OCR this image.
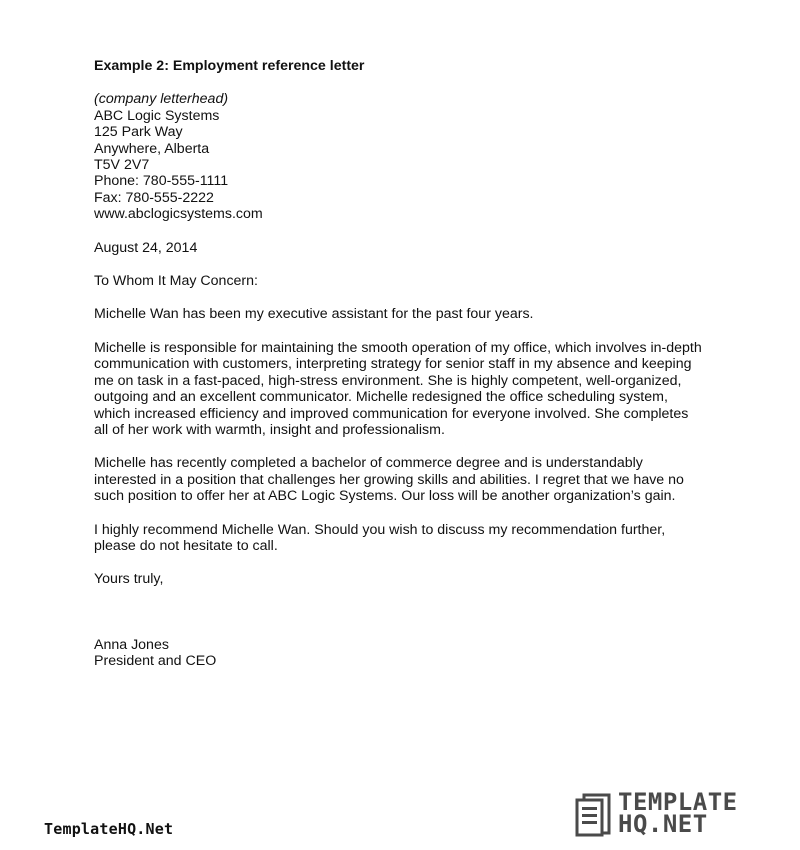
Example 2: Employment reference letter

(company letterhead)
ABC Logic Systems
125 Park Way
Anywhere, Alberta
T5V 2V7
Phone: 780-555-1111
Fax: 780-555-2222
www.abclogicsystems.com

August 24, 2014

To Whom It May Concern:

Michelle Wan has been my executive assistant for the past four years.

Michelle is responsible for maintaining the smooth operation of my office, which involves in-depth communication with customers, interpreting strategy for senior staff in my absence and keeping me on task in a fast-paced, high-stress environment. She is highly competent, well-organized, outgoing and an excellent communicator. Michelle redesigned the office scheduling system, which increased efficiency and improved communication for everyone involved. She completes all of her work with warmth, insight and professionalism.

Michelle has recently completed a bachelor of commerce degree and is understandably interested in a position that challenges her growing skills and abilities. I regret that we have no such position to offer her at ABC Logic Systems. Our loss will be another organization’s gain.

I highly recommend Michelle Wan. Should you wish to discuss my recommendation further, please do not hesitate to call.

Yours truly,

Anna Jones

President and CEO

TemplateHQ.Net
TEMPLATE
HQ.NET
